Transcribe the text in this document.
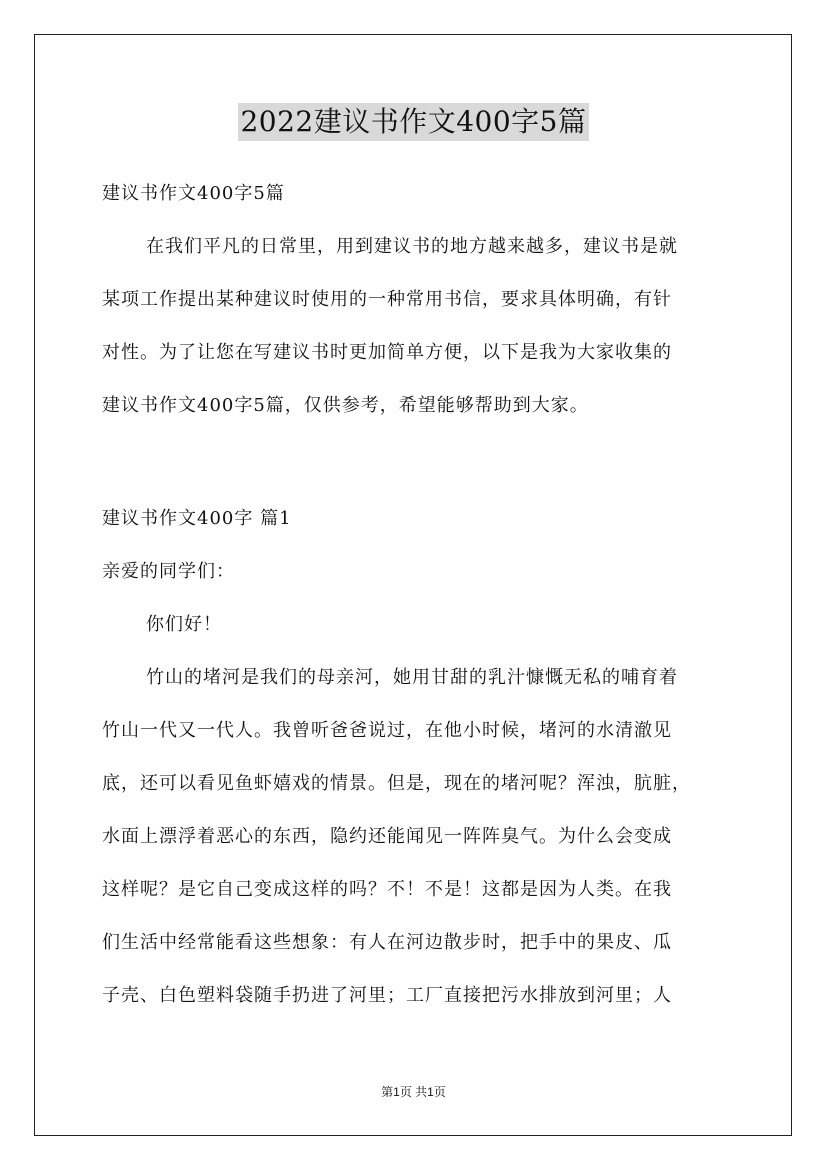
2022建议书作文400字5篇
建议书作文400字5篇
在我们平凡的日常里，用到建议书的地方越来越多，建议书是就
某项工作提出某种建议时使用的一种常用书信，要求具体明确，有针
对性。为了让您在写建议书时更加简单方便，以下是我为大家收集的
建议书作文400字5篇，仅供参考，希望能够帮助到大家。
建议书作文400字 篇1
亲爱的同学们：
你们好！
竹山的堵河是我们的母亲河，她用甘甜的乳汁慷慨无私的哺育着
竹山一代又一代人。我曾听爸爸说过，在他小时候，堵河的水清澈见
底，还可以看见鱼虾嬉戏的情景。但是，现在的堵河呢？浑浊，肮脏，
水面上漂浮着恶心的东西，隐约还能闻见一阵阵臭气。为什么会变成
这样呢？是它自己变成这样的吗？不！不是！这都是因为人类。在我
们生活中经常能看这些想象：有人在河边散步时，把手中的果皮、瓜
子壳、白色塑料袋随手扔进了河里；工厂直接把污水排放到河里；人
第1页 共1页
